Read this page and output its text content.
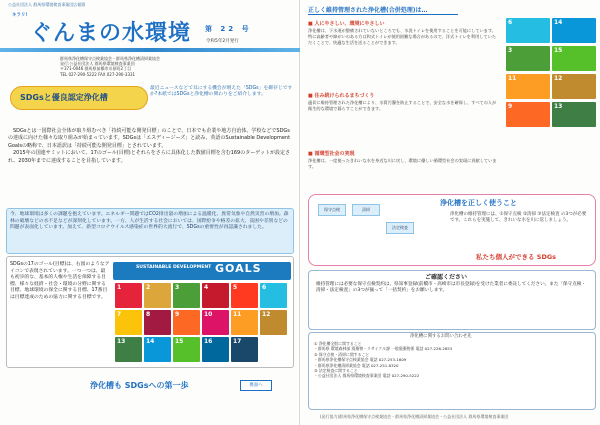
公益社団法人 群馬県環境検査事業団広報紙
キラリ!
ぐんまの水環境 第 22 号
令和5年2月発行
群馬県浄化槽保守点検業協会・群馬県浄化槽清掃業協会
発行:公益社団法人 群馬県環境検査事業団
〒371-0046 群馬県前橋市川原町2丁目
TEL 027-290-5222 FAX 027-290-3331
SDGsと優良認定浄化槽
最近ニュースなどで耳にする機会が増えた「SDGs」を御存じですか?本紙ではSDGsと浄化槽の関わりをご紹介します。

SDGsとは一国際社会全体が取り組むべき「持続可能な開発目標」のことで、日本でも企業や地方自治体、学校などでSDGsの達成に向けた様々な取り組みが始まっています。SDGsは「エスディージーズ」と読み、英語のSustainable Development Goalsの略称で、日本語訳は「持続可能な開発目標」とされています。

2015年の国連サミットにおいて、17のゴール(目標)とそれらをさらに具体化した数値目標を含む169のターゲットが設定され、2030年までに達成することを目指しています。

今、地球環境は多くの課題を抱えています。エネルギー問題ではCO2排出量の増加による温暖化、異常気象や自然災害の増加。森林の破壊などの水不足などが深刻化しています。一方、人が生活する社会においては、国際紛争や格差の拡大、貧困や差別などの問題が表面化しています。加えて、新型コロナウイルス感染症の世界的大流行で、SDGsの重要性が再認識されました。

SDGsの17のゴール(目標)は、右図のようなアイコンで表現されています。一つ一つは、最も初歩的な、基本的人権や生活を保障する目標、様々な経済・社会・環境の分野に関する目標、地球環境の保全に関する目標、17番目は目標達成のための協力に関する目標です。
SUSTAINABLE DEVELOPMENT GOALS
1	2	3	4	5	6
7	8	9	10	11	12
13	14	15	16	17
浄化槽も SDGsへの第一歩	裏面へ
正しく維持管理された浄化槽(合併処理)は…
■ 人にやさしい、環境にやさしい
浄化槽は、下水道が整備されていないところでも、水洗トイレを使用することを可能にしています。特に高齢者や障がいのある方は和式トイレが使用困難な場合があるので、洋式トイレを利用していただくことで、快適な生活を送ることができます。
■ 住み続けられるまちづくり
適切に維持管理された浄化槽により、水質汚濁を防止することで、安全な水を確保し、すべての人が衛生的な環境で暮らすことができます。
■ 循環型社会の実現
浄化槽は、一度使ったきれいな水を身近な川に戻し、環境に優しい循環型社会の実現に貢献しています。
6	14
3	15
11	12
9	13
保守点検	清掃
法定検査
浄化槽を正しく使うこと
浄化槽の維持管理には、①保守点検 ②清掃 ③法定検査 の3つが必要です。これらを実施して、きれいな水を川に返しましょう。
私たち個人ができる SDGs
ご確認ください
維持管理には必要な保守点検契約は、県知事登録(前橋市・高崎市は市長登録)を受けた業者に委託してください。また「保守点検・清掃・法定検査」の3つが揃って「一括契約」をお願いします。
浄化槽に関するお問い合わせ先
① 浄化槽全般に関すること
・群馬県 環境森林部 廃棄物・リサイクル課 一般廃棄物係 電話 027-226-2853
② 保守点検・清掃に関すること
・群馬県浄化槽保守点検業協会 電話 027-253-1609
・群馬県浄化槽清掃業協会 電話 027-251-8320
③ 法定検査に関すること
・公益社団法人 群馬県環境検査事業団 電話 027-290-5222
(発行協力)群馬県浄化槽保守点検業協会・群馬県浄化槽清掃業協会・公益社団法人 群馬県環境検査事業団
